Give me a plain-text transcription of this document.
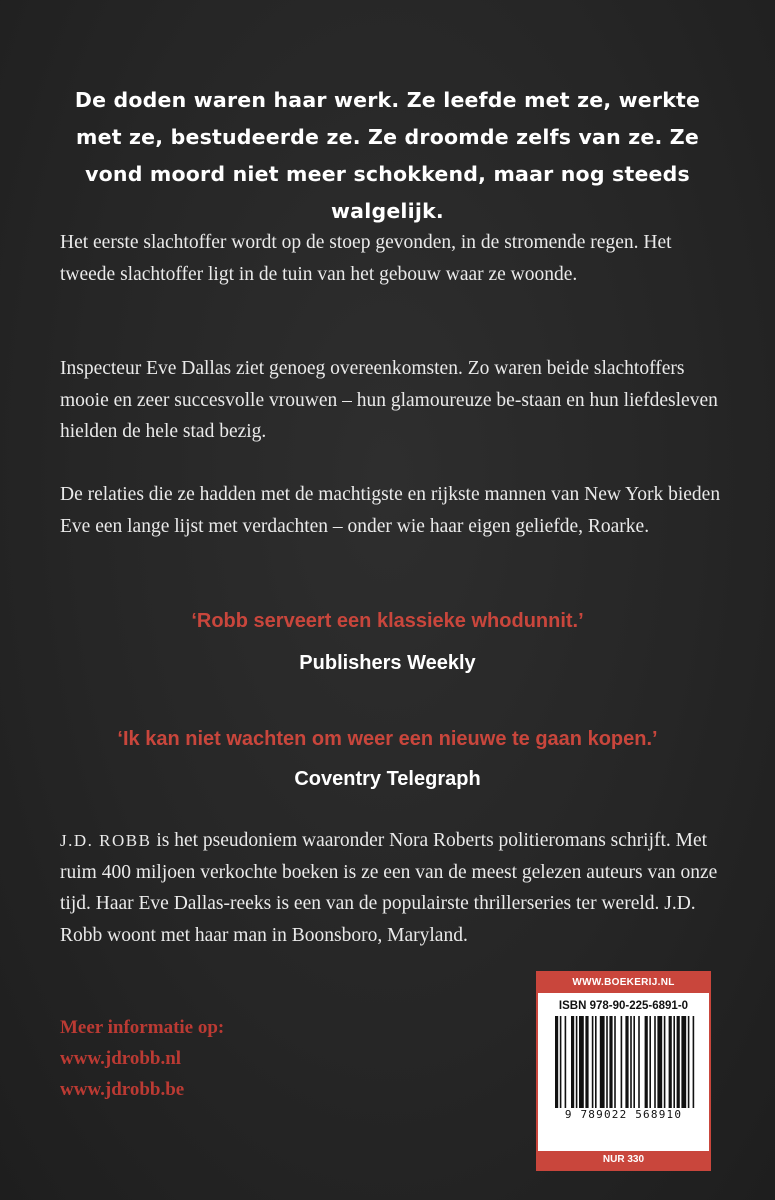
De doden waren haar werk. Ze leefde met ze, werkte met ze, bestudeerde ze. Ze droomde zelfs van ze. Ze vond moord niet meer schokkend, maar nog steeds walgelijk.

Het eerste slachtoffer wordt op de stoep gevonden, in de stromende regen. Het tweede slachtoffer ligt in de tuin van het gebouw waar ze woonde.

Inspecteur Eve Dallas ziet genoeg overeenkomsten. Zo waren beide slachtoffers mooie en zeer succesvolle vrouwen – hun glamoureuze be-staan en hun liefdesleven hielden de hele stad bezig.

De relaties die ze hadden met de machtigste en rijkste mannen van New York bieden Eve een lange lijst met verdachten – onder wie haar eigen geliefde, Roarke.

‘Robb serveert een klassieke whodunnit.’
Publishers Weekly
‘Ik kan niet wachten om weer een nieuwe te gaan kopen.’
Coventry Telegraph

J.D. ROBB is het pseudoniem waaronder Nora Roberts politieromans schrijft. Met ruim 400 miljoen verkochte boeken is ze een van de meest gelezen auteurs van onze tijd. Haar Eve Dallas-reeks is een van de populairste thrillerseries ter wereld. J.D. Robb woont met haar man in Boonsboro, Maryland.

Meer informatie op:
www.jdrobb.nl
www.jdrobb.be
WWW.BOEKERIJ.NL
ISBN 978-90-225-6891-0
9 789022 568910
NUR 330
